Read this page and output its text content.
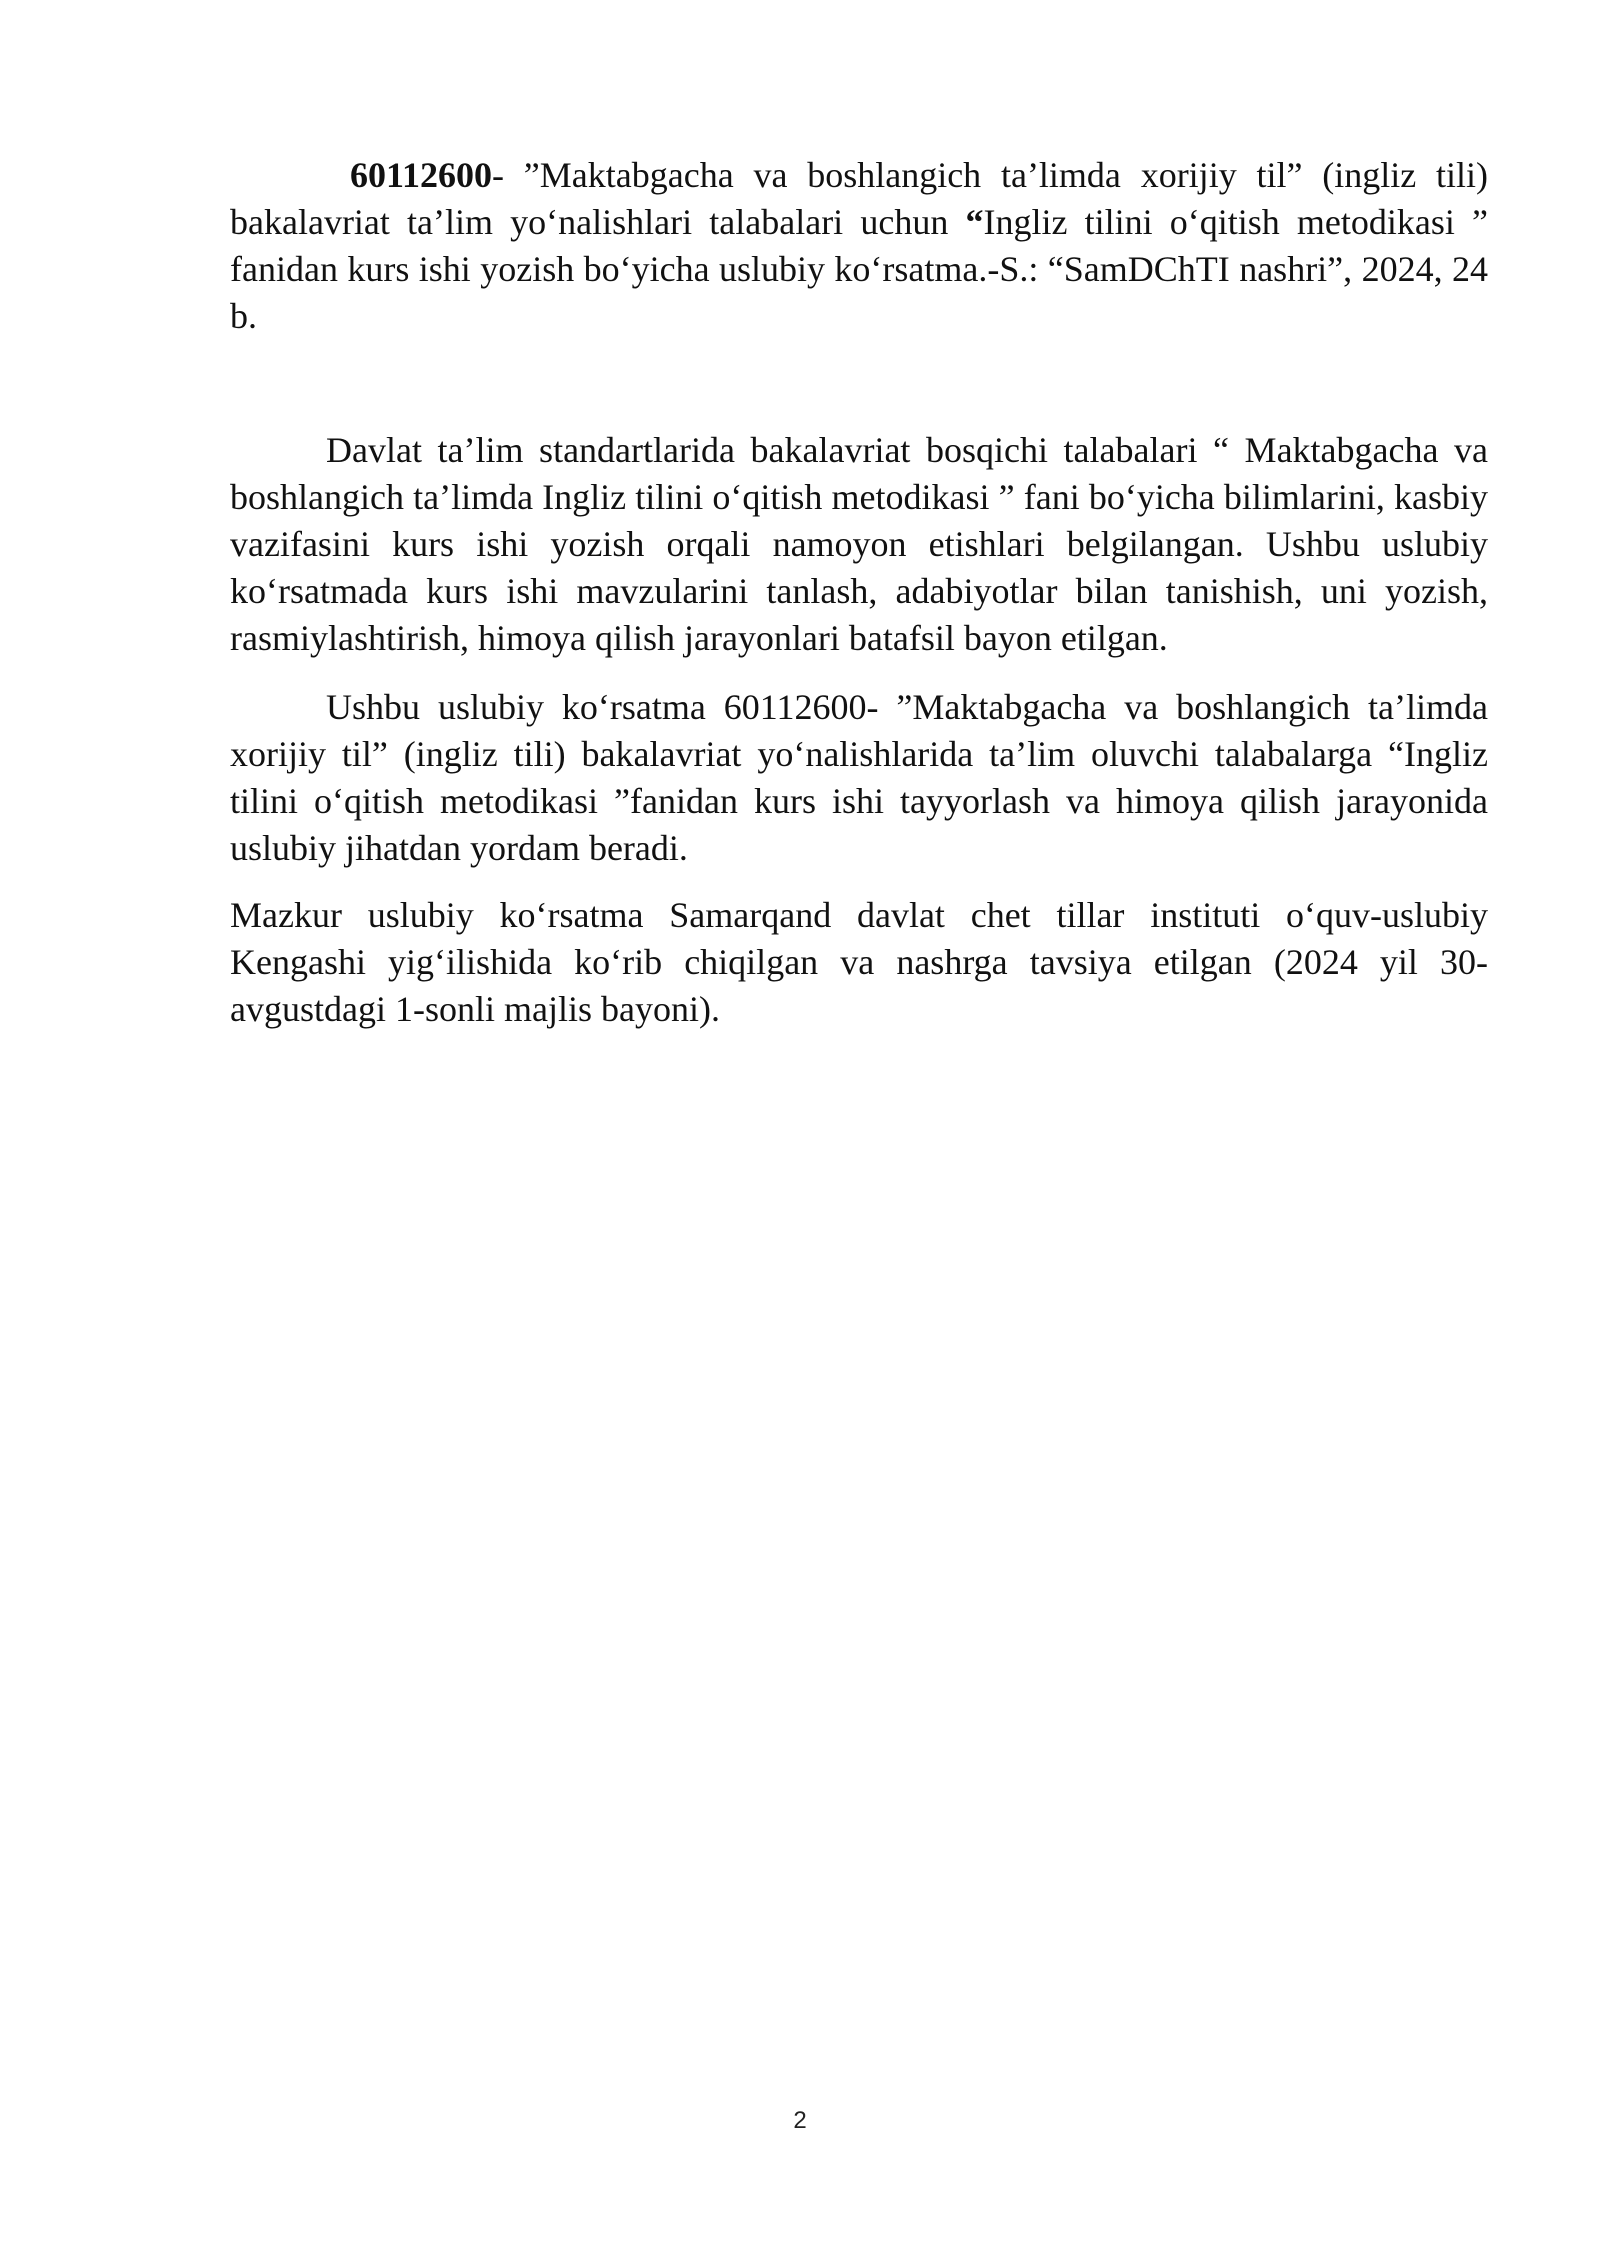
60112600- ”Maktabgacha va boshlangich ta’limda xorijiy til” (ingliz tili) bakalavriat ta’lim yoʻnalishlari talabalari uchun “Ingliz tilini oʻqitish metodikasi ” fanidan kurs ishi yozish boʻyicha uslubiy koʻrsatma.-S.: “SamDChTI nashri”, 2024, 24 b.

Davlat ta’lim standartlarida bakalavriat bosqichi talabalari “ Maktabgacha va boshlangich ta’limda Ingliz tilini oʻqitish metodikasi ” fani boʻyicha bilimlarini, kasbiy vazifasini kurs ishi yozish orqali namoyon etishlari belgilangan. Ushbu uslubiy koʻrsatmada kurs ishi mavzularini tanlash, adabiyotlar bilan tanishish, uni yozish, rasmiylashtirish, himoya qilish jarayonlari batafsil bayon etilgan.

Ushbu uslubiy koʻrsatma 60112600- ”Maktabgacha va boshlangich ta’limda xorijiy til” (ingliz tili) bakalavriat yoʻnalishlarida ta’lim oluvchi talabalarga “Ingliz tilini oʻqitish metodikasi ”fanidan kurs ishi tayyorlash va himoya qilish jarayonida uslubiy jihatdan yordam beradi.

Mazkur uslubiy koʻrsatma Samarqand davlat chet tillar instituti oʻquv-uslubiy Kengashi yigʻilishida koʻrib chiqilgan va nashrga tavsiya etilgan (2024 yil 30-avgustdagi 1-sonli majlis bayoni).

2
